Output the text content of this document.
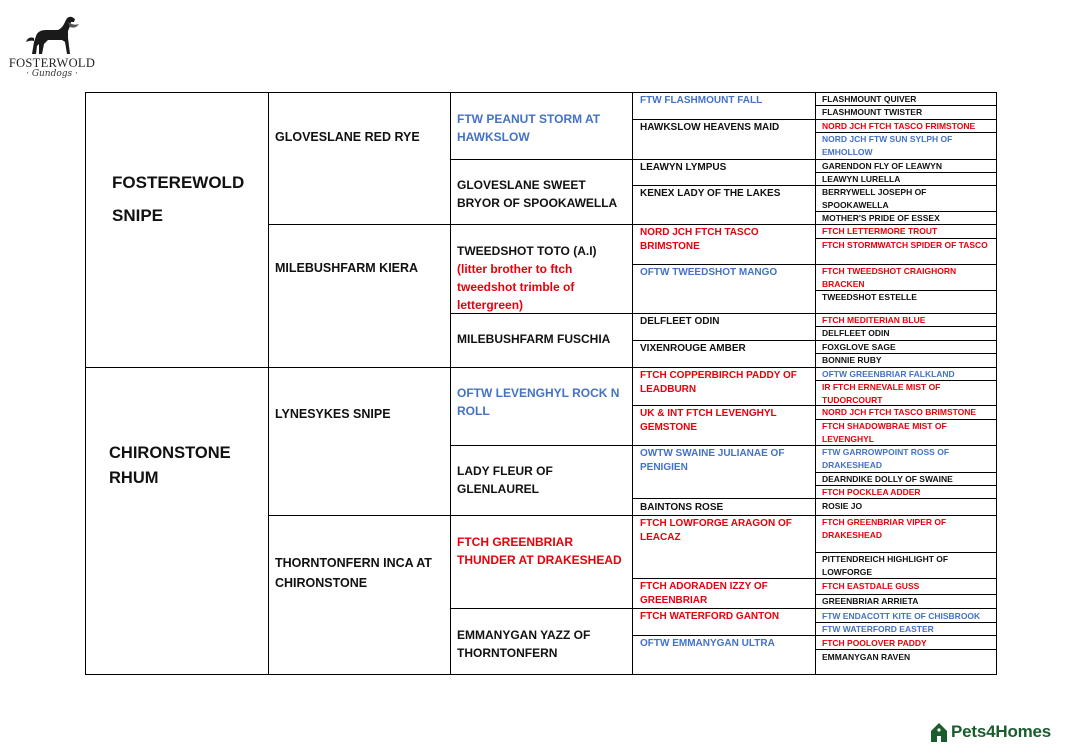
FOSTERWOLD
· Gundogs ·
FOSTEREWOLD
SNIPE
CHIRONSTONE
RHUM
GLOVESLANE RED RYE
MILEBUSHFARM KIERA
LYNESYKES SNIPE
THORNTONFERN INCA AT CHIRONSTONE
FTW PEANUT STORM AT HAWKSLOW
GLOVESLANE SWEET BRYOR OF SPOOKAWELLA
TWEEDSHOT TOTO (A.I)
(litter brother to ftch tweedshot trimble of lettergreen)
MILEBUSHFARM FUSCHIA
OFTW LEVENGHYL ROCK N ROLL
LADY FLEUR OF GLENLAUREL
FTCH GREENBRIAR THUNDER AT DRAKESHEAD
EMMANYGAN YAZZ OF THORNTONFERN
FTW FLASHMOUNT FALL
HAWKSLOW HEAVENS MAID
LEAWYN LYMPUS
KENEX LADY OF THE LAKES
NORD JCH FTCH TASCO BRIMSTONE
OFTW TWEEDSHOT MANGO
DELFLEET ODIN
VIXENROUGE AMBER
FTCH COPPERBIRCH PADDY OF LEADBURN
UK & INT FTCH LEVENGHYL GEMSTONE
OWTW SWAINE JULIANAE OF PENIGIEN
BAINTONS ROSE
FTCH LOWFORGE ARAGON OF LEACAZ
FTCH ADORADEN IZZY OF GREENBRIAR
FTCH WATERFORD GANTON
OFTW EMMANYGAN ULTRA
FLASHMOUNT QUIVER
FLASHMOUNT TWISTER
NORD JCH FTCH TASCO FRIMSTONE
NORD JCH FTW SUN SYLPH OF EMHOLLOW
GARENDON FLY OF LEAWYN
LEAWYN LURELLA
BERRYWELL JOSEPH OF SPOOKAWELLA
MOTHER'S PRIDE OF ESSEX
FTCH LETTERMORE TROUT
FTCH STORMWATCH SPIDER OF TASCO
FTCH TWEEDSHOT CRAIGHORN BRACKEN
TWEEDSHOT ESTELLE
FTCH MEDITERIAN BLUE
DELFLEET ODIN
FOXGLOVE SAGE
BONNIE RUBY
OFTW GREENBRIAR FALKLAND
IR FTCH ERNEVALE MIST OF TUDORCOURT
NORD JCH FTCH TASCO BRIMSTONE
FTCH SHADOWBRAE MIST OF LEVENGHYL
FTW GARROWPOINT ROSS OF DRAKESHEAD
DEARNDIKE DOLLY OF SWAINE
FTCH POCKLEA ADDER
ROSIE JO
FTCH GREENBRIAR VIPER OF DRAKESHEAD
PITTENDREICH HIGHLIGHT OF LOWFORGE
FTCH EASTDALE GUSS
GREENBRIAR ARRIETA
FTW ENDACOTT KITE OF CHISBROOK
FTW WATERFORD EASTER
FTCH POOLOVER PADDY
EMMANYGAN RAVEN
Pets4Homes
